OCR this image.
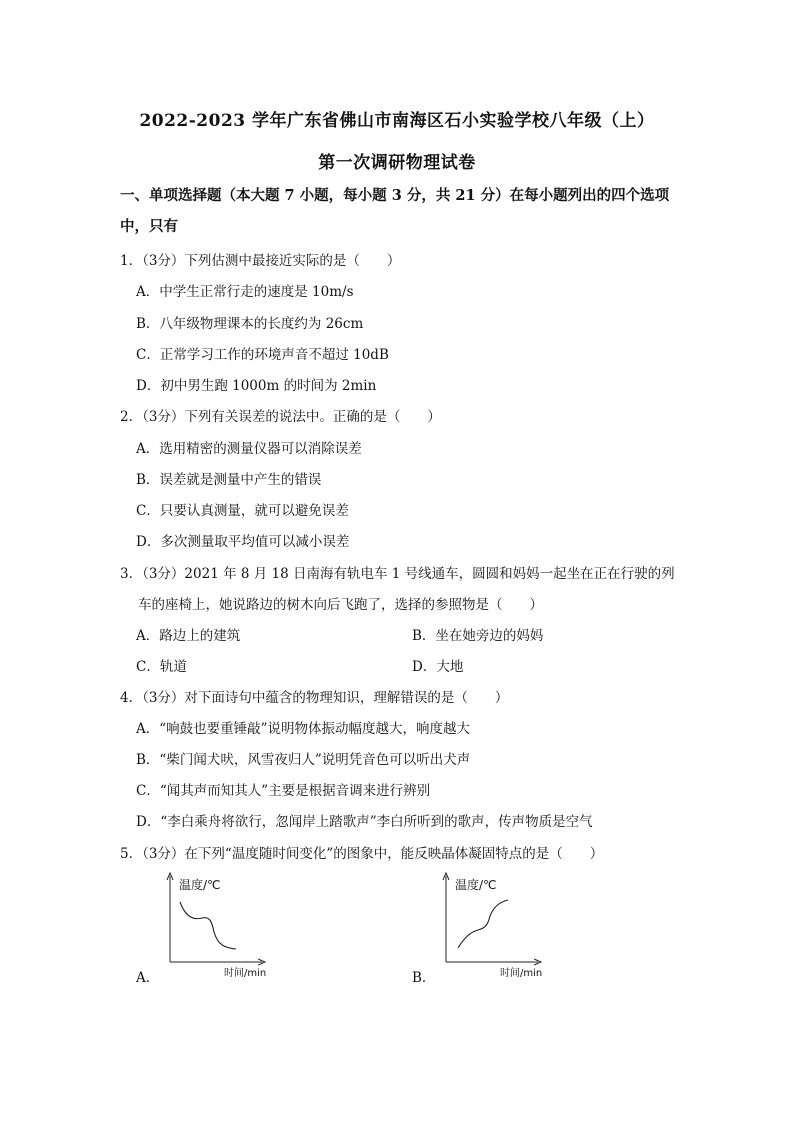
2022-2023 学年广东省佛山市南海区石小实验学校八年级（上）
第一次调研物理试卷
一、单项选择题（本大题 7 小题，每小题 3 分，共 21 分）在每小题列出的四个选项中，只有
1．（3分）下列估测中最接近实际的是（　　）
A．中学生正常行走的速度是 10m/s
B．八年级物理课本的长度约为 26cm
C．正常学习工作的环境声音不超过 10dB
D．初中男生跑 1000m 的时间为 2min
2．（3分）下列有关误差的说法中。正确的是（　　）
A．选用精密的测量仪器可以消除误差
B．误差就是测量中产生的错误
C．只要认真测量，就可以避免误差
D．多次测量取平均值可以减小误差
3．（3分）2021 年 8 月 18 日南海有轨电车 1 号线通车，圆圆和妈妈一起坐在正在行驶的列
车的座椅上，她说路边的树木向后飞跑了，选择的参照物是（　　）
A．路边上的建筑	B．坐在她旁边的妈妈
C．轨道	D．大地
4．（3分）对下面诗句中蕴含的物理知识，理解错误的是（　　）
A．“响鼓也要重锤敲”说明物体振动幅度越大，响度越大
B．“柴门闻犬吠，风雪夜归人”说明凭音色可以听出犬声
C．“闻其声而知其人”主要是根据音调来进行辨别
D．“李白乘舟将欲行，忽闻岸上踏歌声”李白所听到的歌声，传声物质是空气
5．（3分）在下列“温度随时间变化”的图象中，能反映晶体凝固特点的是（　　）
A．
温度/℃
时间/min	B．
温度/℃
时间/min
